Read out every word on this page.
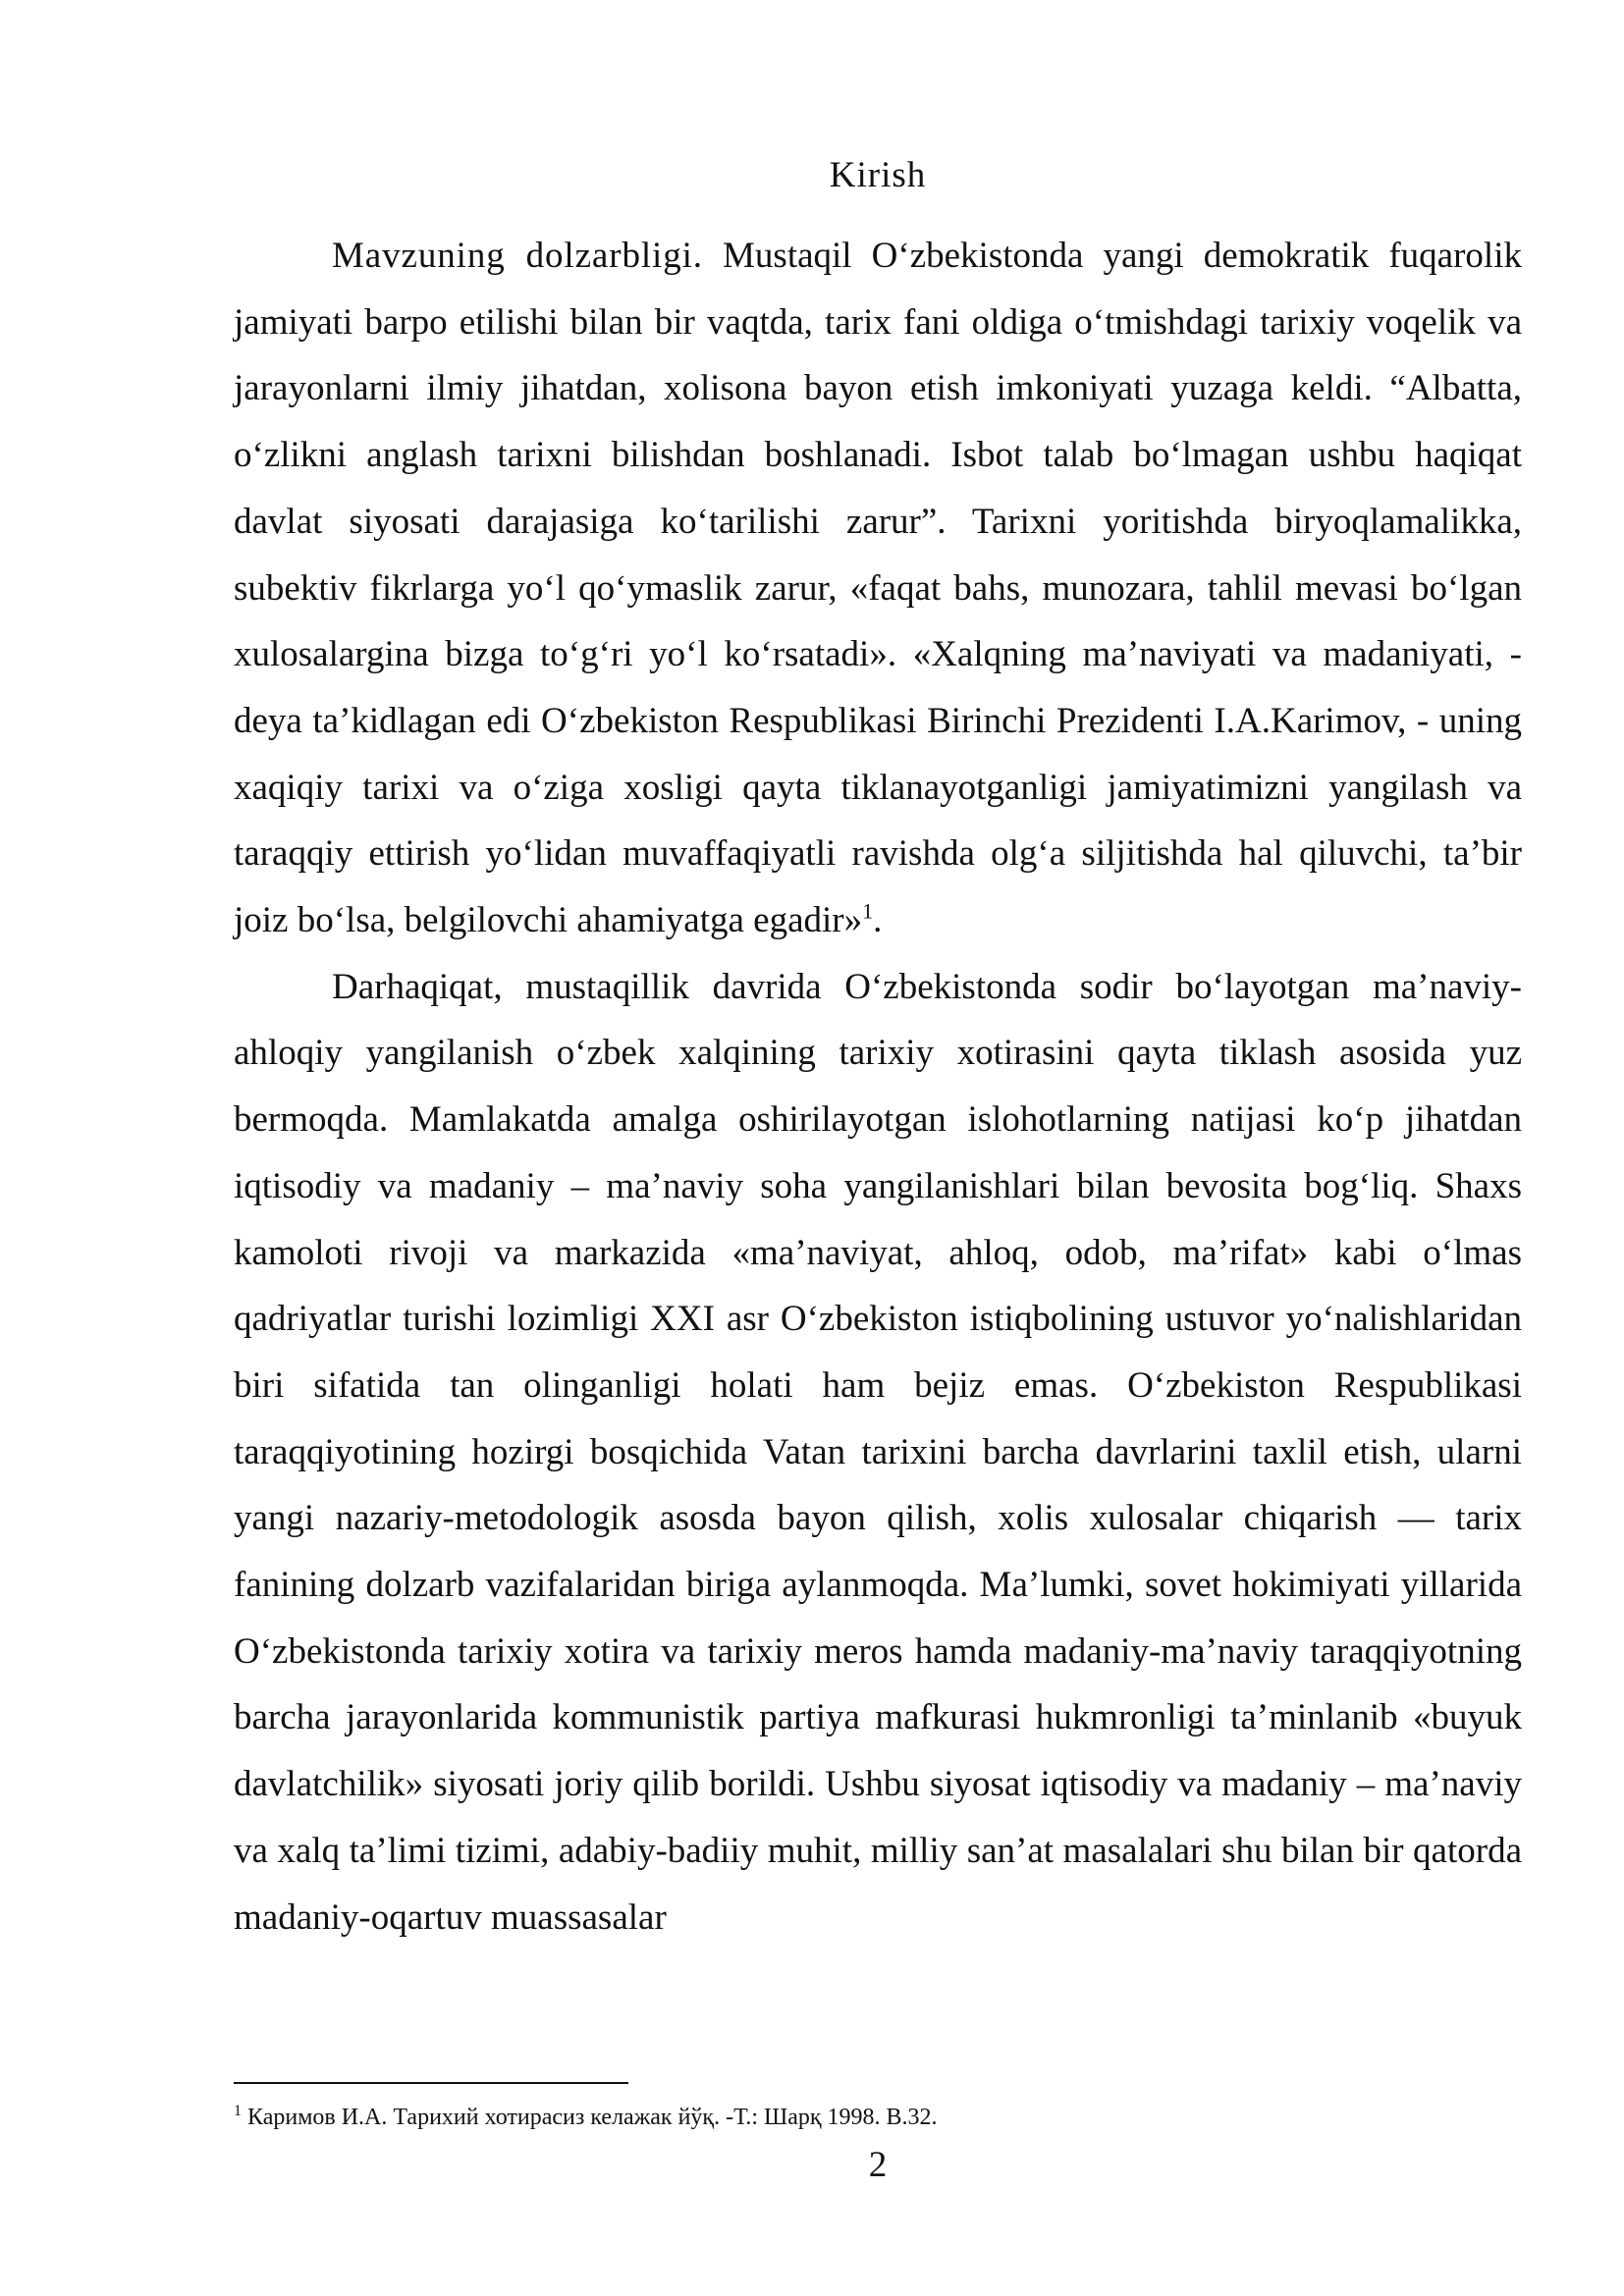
Kirish

Mavzuning dolzarbligi. Mustaqil O‘zbekistonda yangi demokratik fuqarolik jamiyati barpo etilishi bilan bir vaqtda, tarix fani oldiga o‘tmishdagi tarixiy voqelik va jarayonlarni ilmiy jihatdan, xolisona bayon etish imkoniyati yuzaga keldi. “Albatta, o‘zlikni anglash tarixni bilishdan boshlanadi. Isbot talab bo‘lmagan ushbu haqiqat davlat siyosati darajasiga ko‘tarilishi zarur”. Tarixni yoritishda biryoqlamalikka, subektiv fikrlarga yo‘l qo‘ymaslik zarur, «faqat bahs, munozara, tahlil mevasi bo‘lgan xulosalargina bizga to‘g‘ri yo‘l ko‘rsatadi». «Xalqning ma’naviyati va madaniyati, - deya ta’kidlagan edi O‘zbekiston Respublikasi Birinchi Prezidenti I.A.Karimov, - uning xaqiqiy tarixi va o‘ziga xosligi qayta tiklanayotganligi jamiyatimizni yangilash va taraqqiy ettirish yo‘lidan muvaffaqiyatli ravishda olg‘a siljitishda hal qiluvchi, ta’bir joiz bo‘lsa, belgilovchi ahamiyatga egadir»$^1$.

Darhaqiqat, mustaqillik davrida O‘zbekistonda sodir bo‘layotgan ma’naviy-ahloqiy yangilanish o‘zbek xalqining tarixiy xotirasini qayta tiklash asosida yuz bermoqda. Mamlakatda amalga oshirilayotgan islohotlarning natijasi ko‘p jihatdan iqtisodiy va madaniy – ma’naviy soha yangilanishlari bilan bevosita bog‘liq. Shaxs kamoloti rivoji va markazida «ma’naviyat, ahloq, odob, ma’rifat» kabi o‘lmas qadriyatlar turishi lozimligi XXI asr O‘zbekiston istiqbolining ustuvor yo‘nalishlaridan biri sifatida tan olinganligi holati ham bejiz emas. O‘zbekiston Respublikasi taraqqiyotining hozirgi bosqichida Vatan tarixini barcha davrlarini taxlil etish, ularni yangi nazariy-metodologik asosda bayon qilish, xolis xulosalar chiqarish — tarix fanining dolzarb vazifalaridan biriga aylanmoqda. Ma’lumki, sovet hokimiyati yillarida O‘zbekistonda tarixiy xotira va tarixiy meros hamda madaniy-ma’naviy taraqqiyotning barcha jarayonlarida kommunistik partiya mafkurasi hukmronligi ta’minlanib «buyuk davlatchilik» siyosati joriy qilib borildi. Ushbu siyosat iqtisodiy va madaniy – ma’naviy va xalq ta’limi tizimi, adabiy-badiiy muhit, milliy san’at masalalari shu bilan bir qatorda madaniy-oqartuv muassasalar

$^1$ Каримов И.А. Тарихий хотирасиз келажак йўқ. -Т.: Шарқ 1998. В.32.
2
